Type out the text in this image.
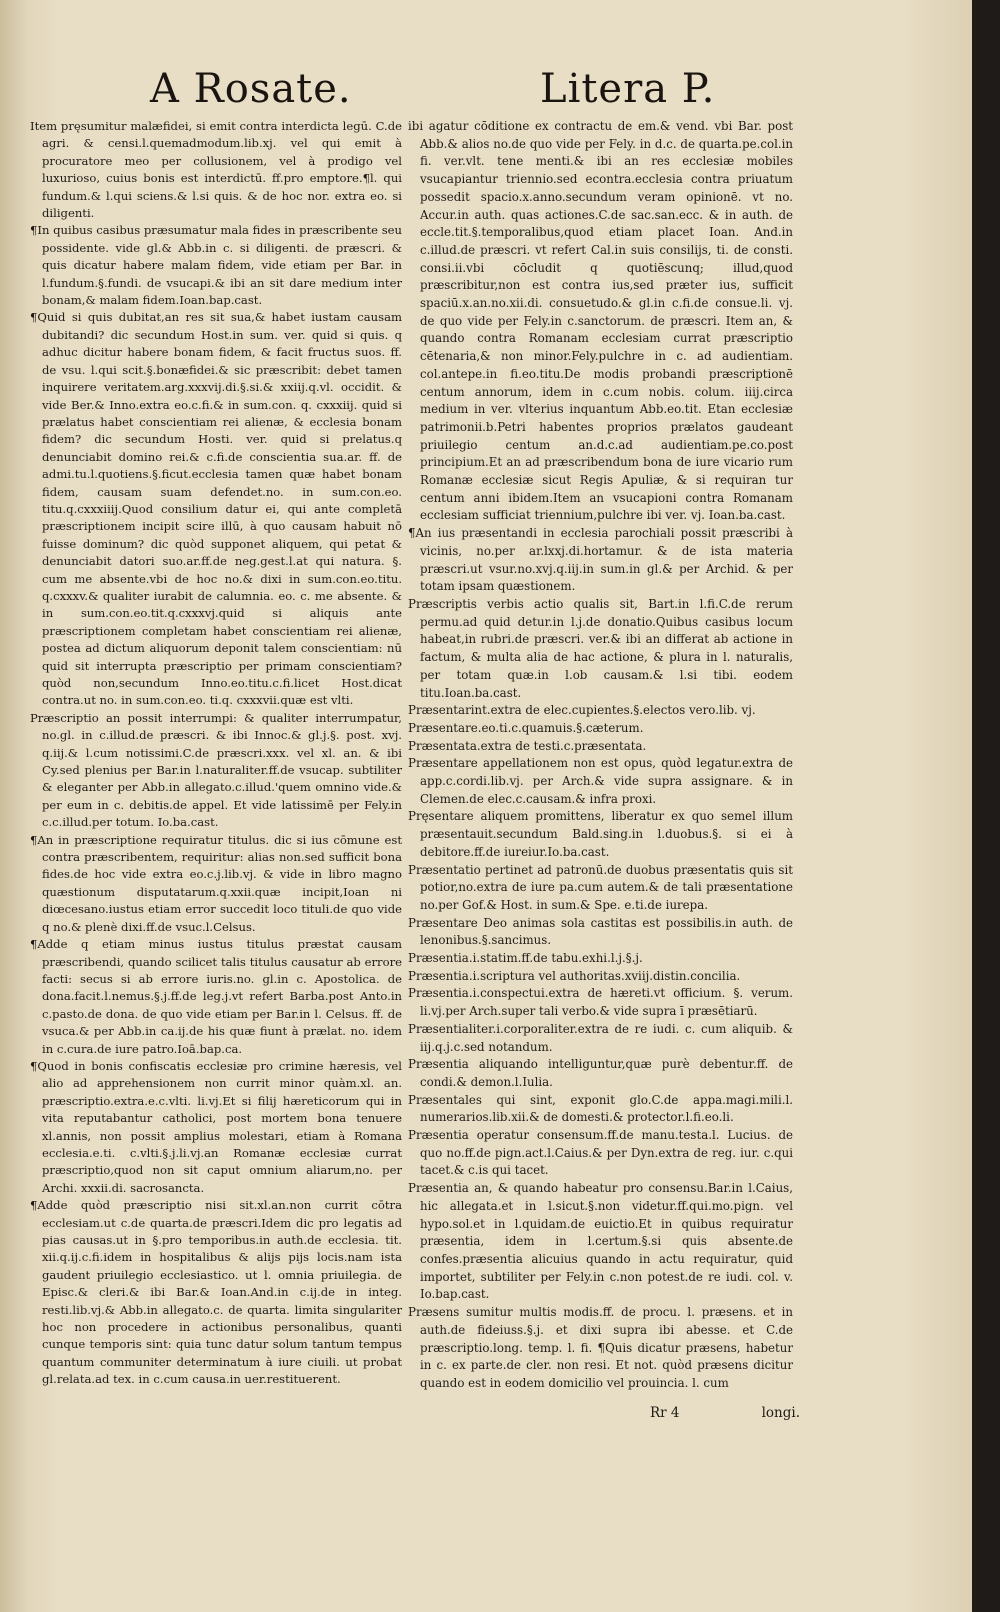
A Rosate.	Litera P.

Item pręsumitur malæfidei, si emit contra interdicta legū. C.de agri. & censi.l.quemadmodum.lib.xj. vel qui emit à procuratore meo per collusionem, vel à prodigo vel luxurioso, cuius bonis est interdictū. ff.pro emptore.¶l. qui fundum.& l.qui sciens.& l.si quis. & de hoc nor. extra eo. si diligenti.

¶In quibus casibus præsumatur mala fides in præscribente seu possidente. vide gl.& Abb.in c. si diligenti. de præscri. & quis dicatur habere malam fidem, vide etiam per Bar. in l.fundum.§.fundi. de vsucapi.& ibi an sit dare medium inter bonam,& malam fidem.Ioan.bap.cast.

¶Quid si quis dubitat,an res sit sua,& habet iustam causam dubitandi? dic secundum Host.in sum. ver. quid si quis. q adhuc dicitur habere bonam fidem, & facit fructus suos. ff. de vsu. l.qui scit.§.bonæfidei.& sic præscribit: debet tamen inquirere veritatem.arg.xxxvij.di.§.si.& xxiij.q.vl. occidit. & vide Ber.& Inno.extra eo.c.fi.& in sum.con. q. cxxxiij. quid si prælatus habet conscientiam rei alienæ, & ecclesia bonam fidem? dic secundum Hosti. ver. quid si prelatus.q denunciabit domino rei.& c.fi.de conscientia sua.ar. ff. de admi.tu.l.quotiens.§.ficut.ecclesia tamen quæ habet bonam fidem, causam suam defendet.no. in sum.con.eo. titu.q.cxxxiiij.Quod consilium datur ei, qui ante completā præscriptionem incipit scire illū, à quo causam habuit nō fuisse dominum? dic quòd supponet aliquem, qui petat & denunciabit datori suo.ar.ff.de neg.gest.l.at qui natura. §. cum me absente.vbi de hoc no.& dixi in sum.con.eo.titu. q.cxxxv.& qualiter iurabit de calumnia. eo. c. me absente. & in sum.con.eo.tit.q.cxxxvj.quid si aliquis ante præscriptionem completam habet conscientiam rei alienæ, postea ad dictum aliquorum deponit talem conscientiam: nū quid sit interrupta præscriptio per primam conscientiam? quòd non,secundum Inno.eo.titu.c.fi.licet Host.dicat contra.ut no. in sum.con.eo. ti.q. cxxxvii.quæ est vlti.

Præscriptio an possit interrumpi: & qualiter interrumpatur, no.gl. in c.illud.de præscri. & ibi Innoc.& gl.j.§. post. xvj. q.iij.& l.cum notissimi.C.de præscri.xxx. vel xl. an. & ibi Cy.sed plenius per Bar.in l.naturaliter.ff.de vsucap. subtiliter & eleganter per Abb.in allegato.c.illud.'quem omnino vide.& per eum in c. debitis.de appel. Et vide latissimē per Fely.in c.c.illud.per totum. Io.ba.cast.

¶An in præscriptione requiratur titulus. dic si ius cōmune est contra præscribentem, requiritur: alias non.sed sufficit bona fides.de hoc vide extra eo.c.j.lib.vj. & vide in libro magno quæstionum disputatarum.q.xxii.quæ incipit,Ioan ni diœcesano.iustus etiam error succedit loco tituli.de quo vide q no.& plenè dixi.ff.de vsuc.l.Celsus.

¶Adde q etiam minus iustus titulus præstat causam præscribendi, quando scilicet talis titulus causatur ab errore facti: secus si ab errore iuris.no. gl.in c. Apostolica. de dona.facit.l.nemus.§.j.ff.de leg.j.vt refert Barba.post Anto.in c.pasto.de dona. de quo vide etiam per Bar.in l. Celsus. ff. de vsuca.& per Abb.in ca.ij.de his quæ fiunt à prælat. no. idem in c.cura.de iure patro.Ioā.bap.ca.

¶Quod in bonis confiscatis ecclesiæ pro crimine hæresis, vel alio ad apprehensionem non currit minor quàm.xl. an. præscriptio.extra.e.c.vlti. li.vj.Et si filij hæreticorum qui in vita reputabantur catholici, post mortem bona tenuere xl.annis, non possit amplius molestari, etiam à Romana ecclesia.e.ti. c.vlti.§.j.li.vj.an Romanæ ecclesiæ currat præscriptio,quod non sit caput omnium aliarum,no. per Archi. xxxii.di. sacrosancta.

¶Adde quòd præscriptio nisi sit.xl.an.non currit cōtra ecclesiam.ut c.de quarta.de præscri.Idem dic pro legatis ad pias causas.ut in §.pro temporibus.in auth.de ecclesia. tit. xii.q.ij.c.fi.idem in hospitalibus & alijs pijs locis.nam ista gaudent priuilegio ecclesiastico. ut l. omnia priuilegia. de Episc.& cleri.& ibi Bar.& Ioan.And.in c.ij.de in integ. resti.lib.vj.& Abb.in allegato.c. de quarta. limita singulariter hoc non procedere in actionibus personalibus, quanti cunque temporis sint: quia tunc datur solum tantum tempus quantum communiter determinatum à iure ciuili. ut probat gl.relata.ad tex. in c.cum causa.in uer.restituerent.

ibi agatur cōditione ex contractu de em.& vend. vbi Bar. post Abb.& alios no.de quo vide per Fely. in d.c. de quarta.pe.col.in fi. ver.vlt. tene menti.& ibi an res ecclesiæ mobiles vsucapiantur triennio.sed econtra.ecclesia contra priuatum possedit spacio.x.anno.secundum veram opinionē. vt no. Accur.in auth. quas actiones.C.de sac.san.ecc. & in auth. de eccle.tit.§.temporalibus,quod etiam placet Ioan. And.in c.illud.de præscri. vt refert Cal.in suis consilijs, ti. de consti. consi.ii.vbi cōcludit q quotiēscunq; illud,quod præscribitur,non est contra ius,sed præter ius, sufficit spaciū.x.an.no.xii.di. consuetudo.& gl.in c.fi.de consue.li. vj. de quo vide per Fely.in c.sanctorum. de præscri. Item an, & quando contra Romanam ecclesiam currat præscriptio cētenaria,& non minor.Fely.pulchre in c. ad audientiam. col.antepe.in fi.eo.titu.De modis probandi præscriptionē centum annorum, idem in c.cum nobis. colum. iiij.circa medium in ver. vlterius inquantum Abb.eo.tit. Etan ecclesiæ patrimonii.b.Petri habentes proprios prælatos gaudeant priuilegio centum an.d.c.ad audientiam.pe.co.post principium.Et an ad præscribendum bona de iure vicario rum Romanæ ecclesiæ sicut Regis Apuliæ, & si requiran tur centum anni ibidem.Item an vsucapioni contra Romanam ecclesiam sufficiat triennium,pulchre ibi ver. vj. Ioan.ba.cast.

¶An ius præsentandi in ecclesia parochiali possit præscribi à vicinis, no.per ar.lxxj.di.hortamur. & de ista materia præscri.ut vsur.no.xvj.q.iij.in sum.in gl.& per Archid. & per totam ipsam quæstionem.

Præscriptis verbis actio qualis sit, Bart.in l.fi.C.de rerum permu.ad quid detur.in l.j.de donatio.Quibus casibus locum habeat,in rubri.de præscri. ver.& ibi an differat ab actione in factum, & multa alia de hac actione, & plura in l. naturalis, per totam quæ.in l.ob causam.& l.si tibi. eodem titu.Ioan.ba.cast.

Præsentarint.extra de elec.cupientes.§.electos vero.lib. vj.

Præsentare.eo.ti.c.quamuis.§.cæterum.

Præsentata.extra de testi.c.præsentata.

Præsentare appellationem non est opus, quòd legatur.extra de app.c.cordi.lib.vj. per Arch.& vide supra assignare. & in Clemen.de elec.c.causam.& infra proxi.

Pręsentare aliquem promittens, liberatur ex quo semel illum præsentauit.secundum Bald.sing.in l.duobus.§. si ei à debitore.ff.de iureiur.Io.ba.cast.

Præsentatio pertinet ad patronū.de duobus præsentatis quis sit potior,no.extra de iure pa.cum autem.& de tali præsentatione no.per Gof.& Host. in sum.& Spe. e.ti.de iurepa.

Præsentare Deo animas sola castitas est possibilis.in auth. de lenonibus.§.sancimus.

Præsentia.i.statim.ff.de tabu.exhi.l.j.§.j.

Præsentia.i.scriptura vel authoritas.xviij.distin.concilia.

Præsentia.i.conspectui.extra de hæreti.vt officium. §. verum. li.vj.per Arch.super tali verbo.& vide supra ī præsētiarū.

Præsentialiter.i.corporaliter.extra de re iudi. c. cum aliquib. & iij.q.j.c.sed notandum.

Præsentia aliquando intelliguntur,quæ purè debentur.ff. de condi.& demon.l.Iulia.

Præsentales qui sint, exponit glo.C.de appa.magi.mili.l. numerarios.lib.xii.& de domesti.& protector.l.fi.eo.li.

Præsentia operatur consensum.ff.de manu.testa.l. Lucius. de quo no.ff.de pign.act.l.Caius.& per Dyn.extra de reg. iur. c.qui tacet.& c.is qui tacet.

Præsentia an, & quando habeatur pro consensu.Bar.in l.Caius, hic allegata.et in l.sicut.§.non videtur.ff.qui.mo.pign. vel hypo.sol.et in l.quidam.de euictio.Et in quibus requiratur præsentia, idem in l.certum.§.si quis absente.de confes.præsentia alicuius quando in actu requiratur, quid importet, subtiliter per Fely.in c.non potest.de re iudi. col. v. Io.bap.cast.

Præsens sumitur multis modis.ff. de procu. l. præsens. et in auth.de fideiuss.§.j. et dixi supra ibi abesse. et C.de præscriptio.long. temp. l. fi. ¶Quis dicatur præsens, habetur in c. ex parte.de cler. non resi. Et not. quòd præsens dicitur quando est in eodem domicilio vel prouincia. l. cum

Rr 4	longi.
